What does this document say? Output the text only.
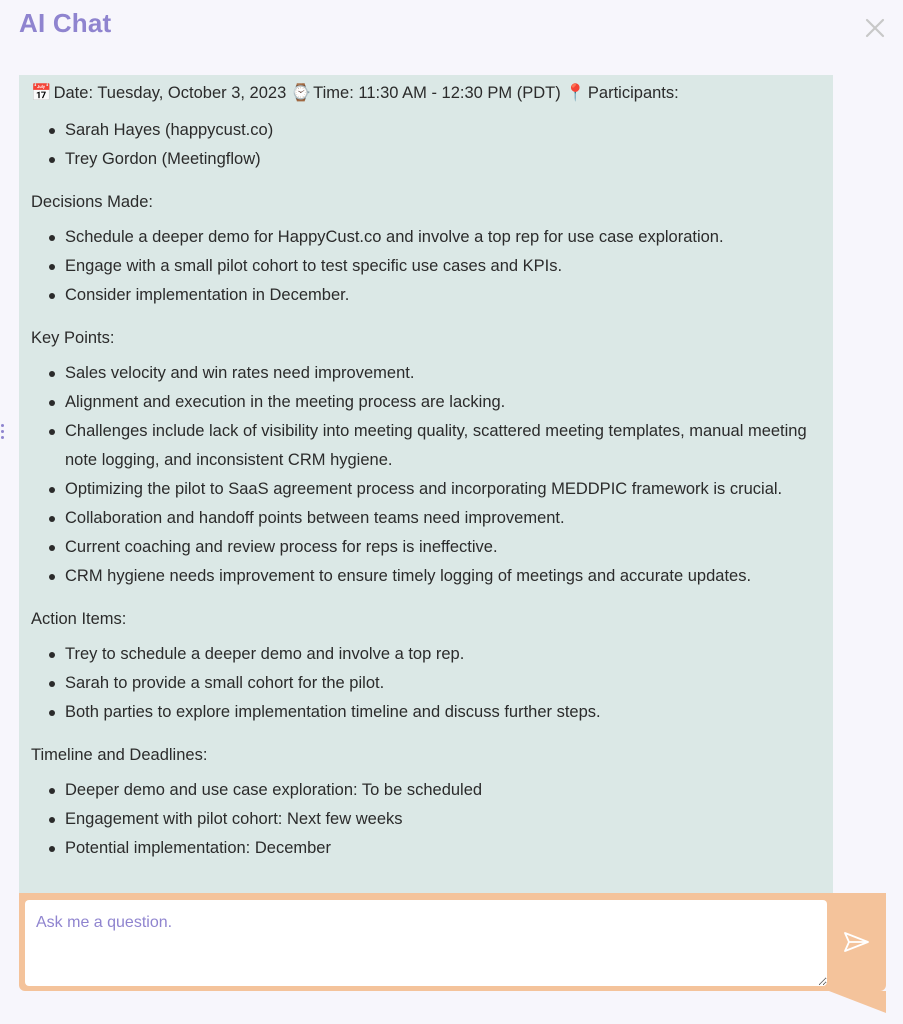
AI Chat

📅 Date: Tuesday, October 3, 2023 ⌚ Time: 11:30 AM - 12:30 PM (PDT) 📍 Participants:

Sarah Hayes (happycust.co)
Trey Gordon (Meetingflow)

Decisions Made:

Schedule a deeper demo for HappyCust.co and involve a top rep for use case exploration.
Engage with a small pilot cohort to test specific use cases and KPIs.
Consider implementation in December.

Key Points:

Sales velocity and win rates need improvement.
Alignment and execution in the meeting process are lacking.
Challenges include lack of visibility into meeting quality, scattered meeting templates, manual meeting note logging, and inconsistent CRM hygiene.
Optimizing the pilot to SaaS agreement process and incorporating MEDDPIC framework is crucial.
Collaboration and handoff points between teams need improvement.
Current coaching and review process for reps is ineffective.
CRM hygiene needs improvement to ensure timely logging of meetings and accurate updates.

Action Items:

Trey to schedule a deeper demo and involve a top rep.
Sarah to provide a small cohort for the pilot.
Both parties to explore implementation timeline and discuss further steps.

Timeline and Deadlines:

Deeper demo and use case exploration: To be scheduled
Engagement with pilot cohort: Next few weeks
Potential implementation: December
Ask me a question.
